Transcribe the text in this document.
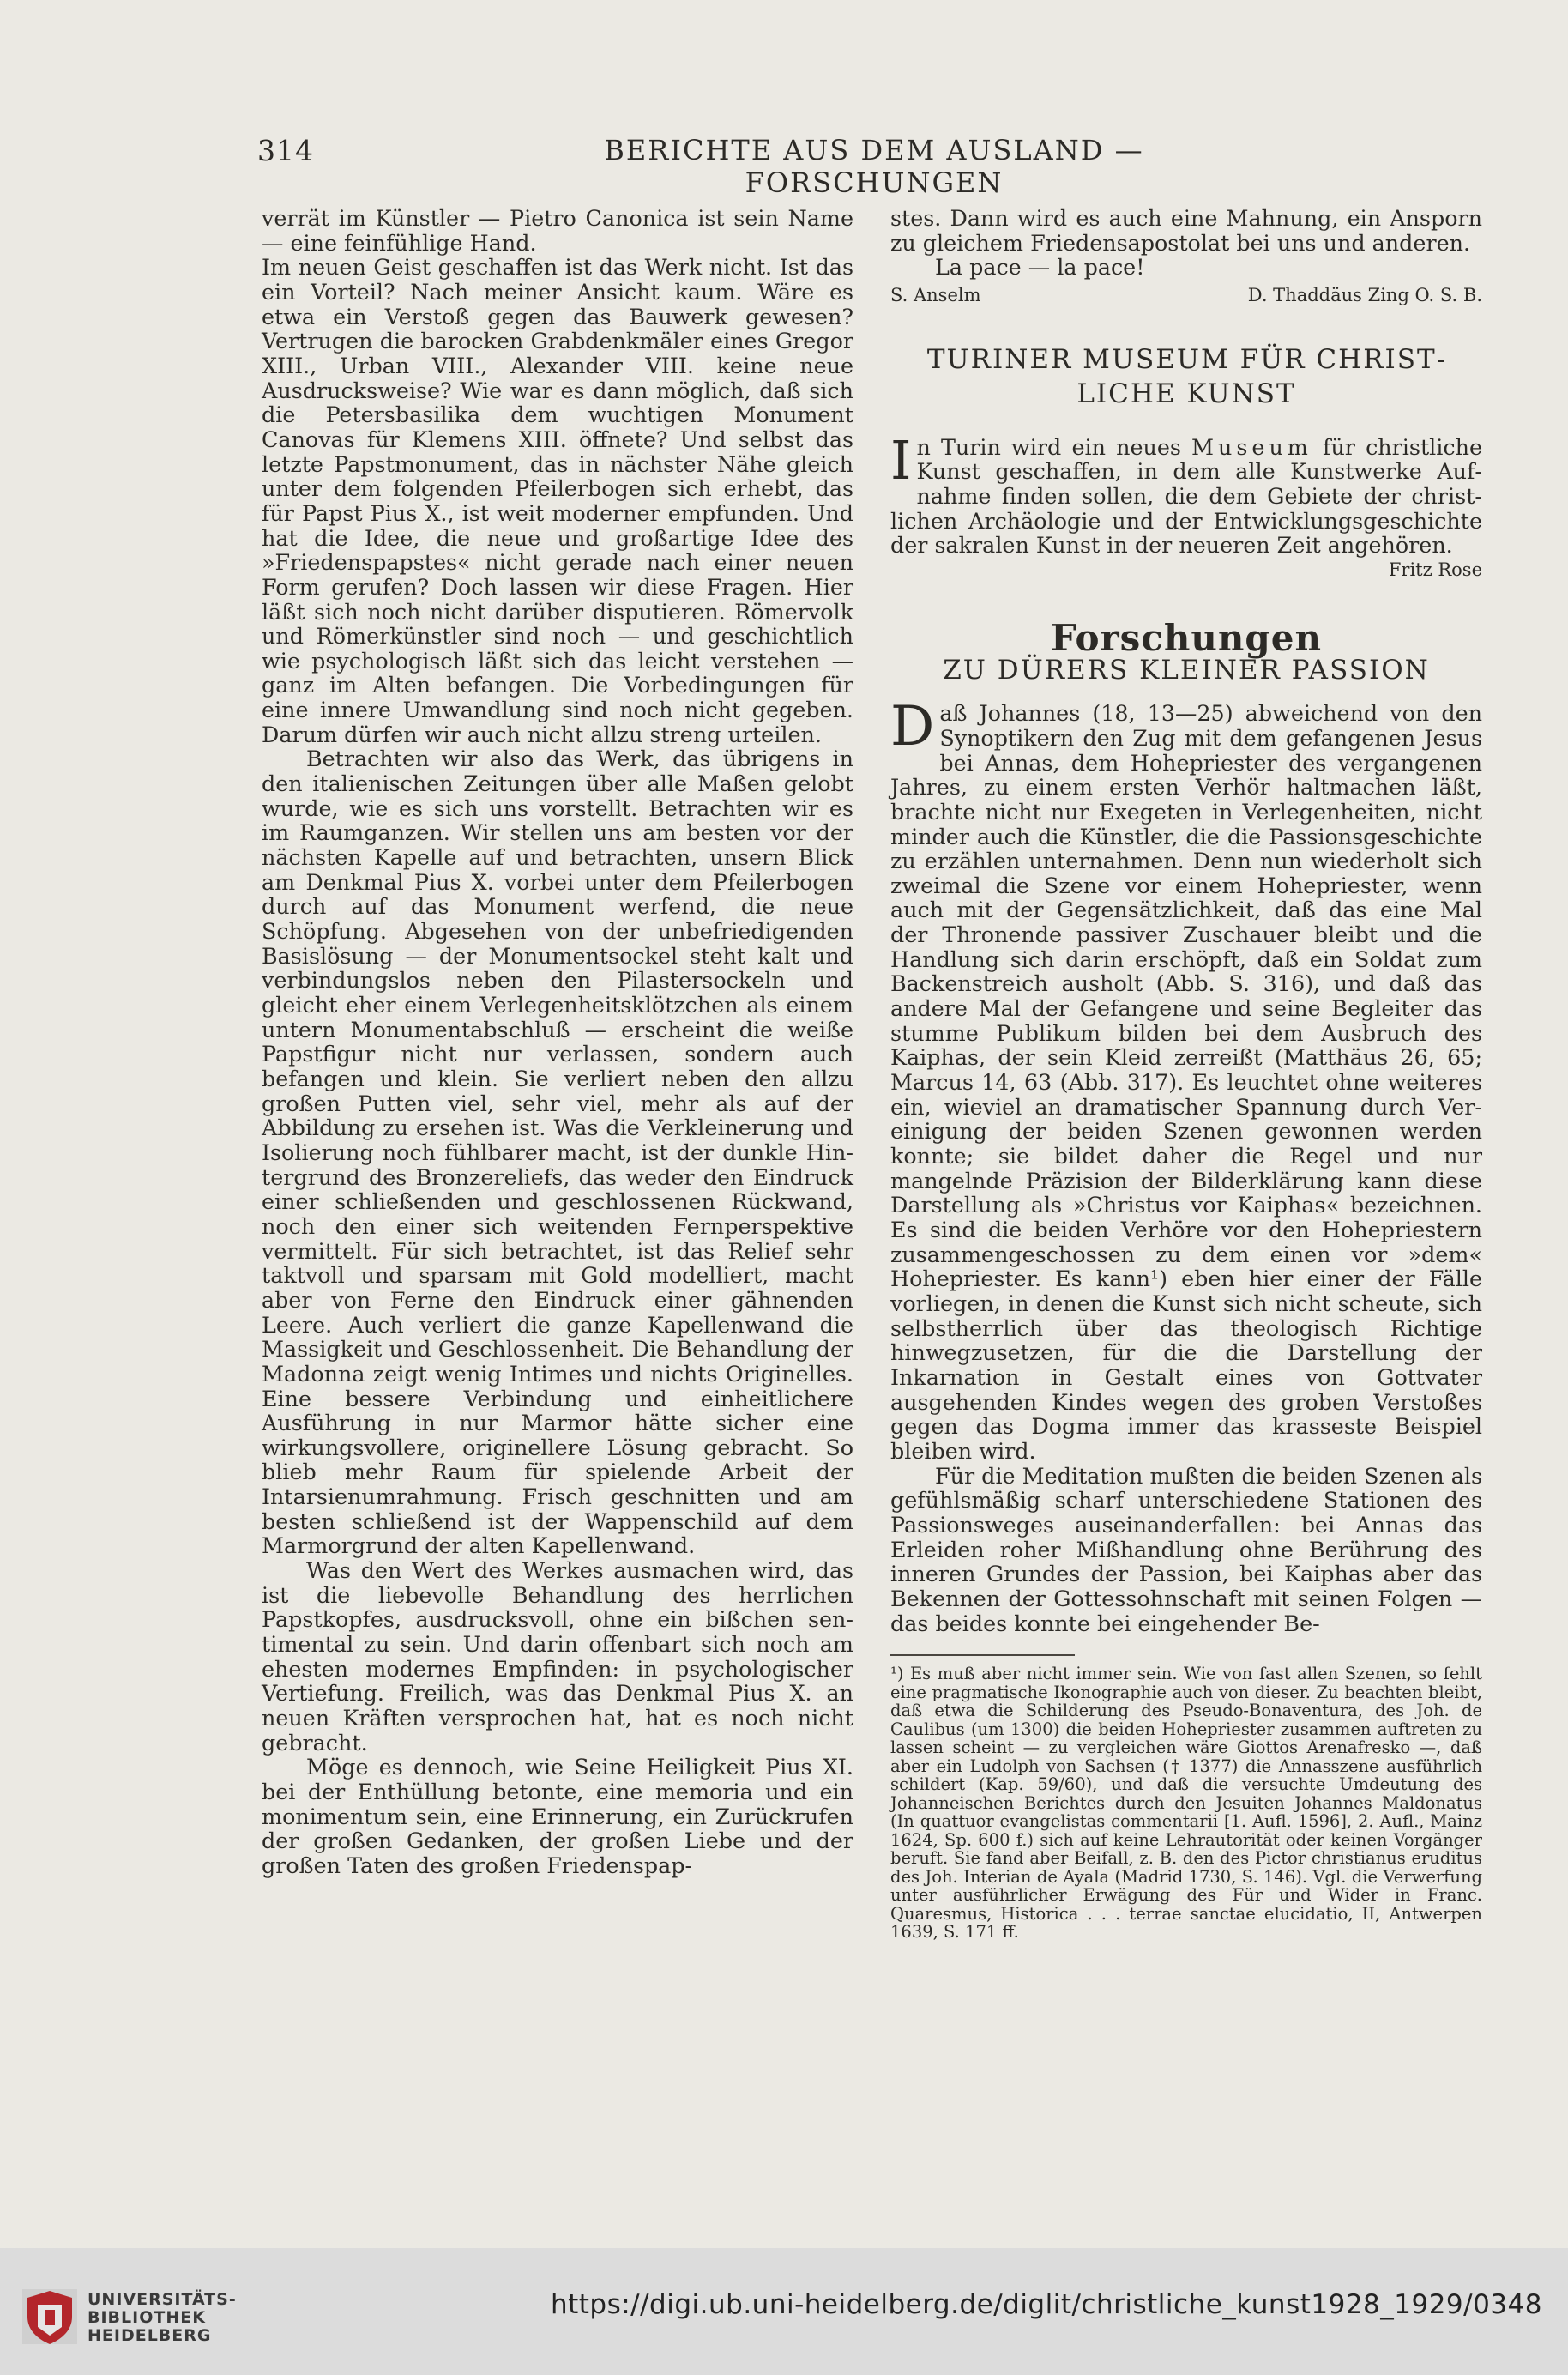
314	BERICHTE AUS DEM AUSLAND — FORSCHUNGEN

verrät im Künstler — Pietro Canonica ist sein Name — eine feinfühlige Hand.

Im neuen Geist geschaffen ist das Werk nicht. Ist das ein Vorteil? Nach meiner Ansicht kaum. Wäre es etwa ein Verstoß gegen das Bauwerk gewesen? Vertrugen die barocken Grabdenkmäler eines Gregor XIII., Urban VIII., Alexander VIII. keine neue Ausdrucksweise? Wie war es dann möglich, daß sich die Petersbasilika dem wuchtigen Monument Canovas für Klemens XIII. öffnete? Und selbst das letzte Papstmonument, das in nächster Nähe gleich unter dem folgenden Pfeilerbogen sich erhebt, das für Papst Pius X., ist weit moderner empfunden. Und hat die Idee, die neue und großartige Idee des »Friedenspapstes« nicht gerade nach einer neuen Form gerufen? Doch lassen wir diese Fragen. Hier läßt sich noch nicht darüber disputieren. Römervolk und Römerkünstler sind noch — und geschichtlich wie psychologisch läßt sich das leicht verstehen — ganz im Alten befangen. Die Vorbedingungen für eine innere Umwandlung sind noch nicht gegeben. Darum dürfen wir auch nicht allzu streng urteilen.

Betrachten wir also das Werk, das übrigens in den italienischen Zeitungen über alle Maßen gelobt wurde, wie es sich uns vorstellt. Betrachten wir es im Raumganzen. Wir stellen uns am besten vor der nächsten Kapelle auf und betrachten, unsern Blick am Denkmal Pius X. vorbei unter dem Pfeilerbogen durch auf das Monument werfend, die neue Schöpfung. Abgesehen von der unbefriedigenden Basislösung — der Monumentsockel steht kalt und verbindungslos neben den Pilastersockeln und gleicht eher einem Verlegenheitsklötzchen als einem untern Monumentabschluß — erscheint die weiße Papstfigur nicht nur verlassen, sondern auch befangen und klein. Sie verliert neben den allzu großen Putten viel, sehr viel, mehr als auf der Abbildung zu ersehen ist. Was die Verkleinerung und Isolierung noch fühlbarer macht, ist der dunkle Hintergrund des Bronzereliefs, das weder den Eindruck einer schließenden und geschlossenen Rückwand, noch den einer sich weitenden Fernperspektive vermittelt. Für sich betrachtet, ist das Relief sehr taktvoll und sparsam mit Gold modelliert, macht aber von Ferne den Eindruck einer gähnenden Leere. Auch verliert die ganze Kapellenwand die Massigkeit und Geschlossenheit. Die Behandlung der Madonna zeigt wenig Intimes und nichts Originelles. Eine bessere Verbindung und einheitlichere Ausführung in nur Marmor hätte sicher eine wirkungsvollere, originellere Lösung gebracht. So blieb mehr Raum für spielende Arbeit der Intarsienumrahmung. Frisch geschnitten und am besten schließend ist der Wappenschild auf dem Marmorgrund der alten Kapellenwand.

Was den Wert des Werkes ausmachen wird, das ist die liebevolle Behandlung des herrlichen Papstkopfes, ausdrucksvoll, ohne ein bißchen sentimental zu sein. Und darin offenbart sich noch am ehesten modernes Empfinden: in psychologischer Vertiefung. Freilich, was das Denkmal Pius X. an neuen Kräften versprochen hat, hat es noch nicht gebracht.

Möge es dennoch, wie Seine Heiligkeit Pius XI. bei der Enthüllung betonte, eine memoria und ein monimentum sein, eine Erinnerung, ein Zurückrufen der großen Gedanken, der großen Liebe und der großen Taten des großen Friedenspap-

stes. Dann wird es auch eine Mahnung, ein Ansporn zu gleichem Friedensapostolat bei uns und anderen.

La pace — la pace!

S. Anselm	D. Thaddäus Zing O. S. B.
TURINER MUSEUM FÜR CHRISTLICHE KUNST

In Turin wird ein neues Museum für christliche Kunst geschaffen, in dem alle Kunstwerke Aufnahme finden sollen, die dem Gebiete der christlichen Archäologie und der Entwicklungsgeschichte der sakralen Kunst in der neueren Zeit angehören.

Fritz Rose
Forschungen
ZU DÜRERS KLEINER PASSION

Daß Johannes (18, 13—25) abweichend von den Synoptikern den Zug mit dem gefangenen Jesus bei Annas, dem Hohepriester des vergangenen Jahres, zu einem ersten Verhör haltmachen läßt, brachte nicht nur Exegeten in Verlegenheiten, nicht minder auch die Künstler, die die Passionsgeschichte zu erzählen unternahmen. Denn nun wiederholt sich zweimal die Szene vor einem Hohepriester, wenn auch mit der Gegensätzlichkeit, daß das eine Mal der Thronende passiver Zuschauer bleibt und die Handlung sich darin erschöpft, daß ein Soldat zum Backenstreich ausholt (Abb. S. 316), und daß das andere Mal der Gefangene und seine Begleiter das stumme Publikum bilden bei dem Ausbruch des Kaiphas, der sein Kleid zerreißt (Matthäus 26, 65; Marcus 14, 63 (Abb. 317). Es leuchtet ohne weiteres ein, wieviel an dramatischer Spannung durch Vereinigung der beiden Szenen gewonnen werden konnte; sie bildet daher die Regel und nur mangelnde Präzision der Bilderklärung kann diese Darstellung als »Christus vor Kaiphas« bezeichnen. Es sind die beiden Verhöre vor den Hohepriestern zusammengeschossen zu dem einen vor »dem« Hohepriester. Es kann¹) eben hier einer der Fälle vorliegen, in denen die Kunst sich nicht scheute, sich selbstherrlich über das theologisch Richtige hinwegzusetzen, für die die Darstellung der Inkarnation in Gestalt eines von Gottvater ausgehenden Kindes wegen des groben Verstoßes gegen das Dogma immer das krasseste Beispiel bleiben wird.

Für die Meditation mußten die beiden Szenen als gefühlsmäßig scharf unterschiedene Stationen des Passionsweges auseinanderfallen: bei Annas das Erleiden roher Mißhandlung ohne Berührung des inneren Grundes der Passion, bei Kaiphas aber das Bekennen der Gottessohnschaft mit seinen Folgen — das beides konnte bei eingehender Be-

¹) Es muß aber nicht immer sein. Wie von fast allen Szenen, so fehlt eine pragmatische Ikonographie auch von dieser. Zu beachten bleibt, daß etwa die Schilderung des Pseudo-Bonaventura, des Joh. de Caulibus (um 1300) die beiden Hohepriester zusammen auftreten zu lassen scheint — zu vergleichen wäre Giottos Arenafresko —, daß aber ein Ludolph von Sachsen († 1377) die Annasszene ausführlich schildert (Kap. 59/60), und daß die versuchte Umdeutung des Johanneischen Berichtes durch den Jesuiten Johannes Maldonatus (In quattuor evangelistas commentarii [1. Aufl. 1596], 2. Aufl., Mainz 1624, Sp. 600 f.) sich auf keine Lehrautorität oder keinen Vorgänger beruft. Sie fand aber Beifall, z. B. den des Pictor christianus eruditus des Joh. Interian de Ayala (Madrid 1730, S. 146). Vgl. die Verwerfung unter ausführlicher Erwägung des Für und Wider in Franc. Quaresmus, Historica . . . terrae sanctae elucidatio, II, Antwerpen 1639, S. 171 ff.

UNIVERSITÄTS-
BIBLIOTHEK
HEIDELBERG
https://digi.ub.uni-heidelberg.de/diglit/christliche_kunst1928_1929/0348
